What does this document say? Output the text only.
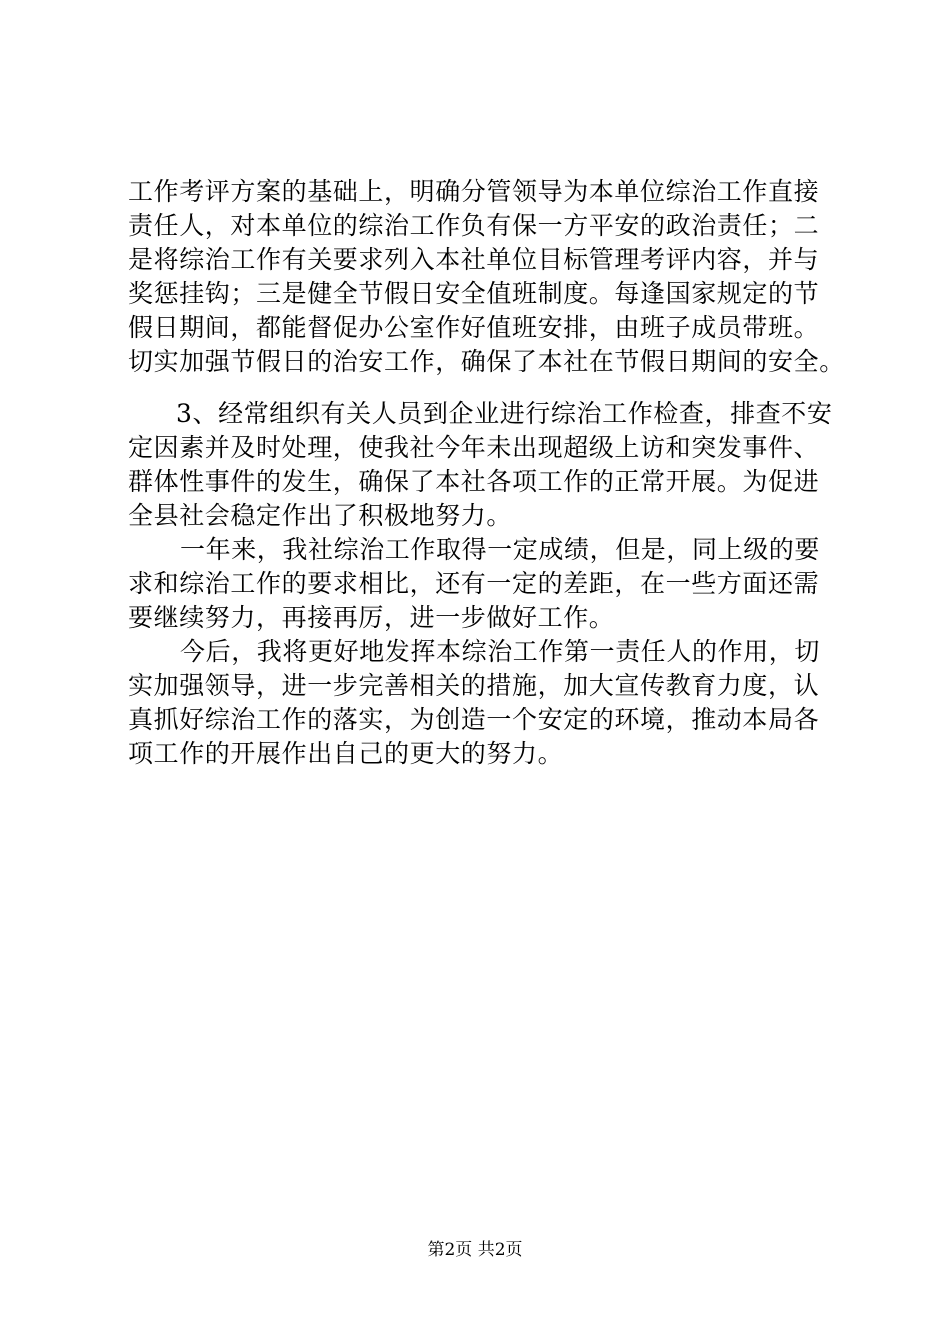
工作考评方案的基础上，明确分管领导为本单位综治工作直接
责任人，对本单位的综治工作负有保一方平安的政治责任；二
是将综治工作有关要求列入本社单位目标管理考评内容，并与
奖惩挂钩；三是健全节假日安全值班制度。每逢国家规定的节
假日期间，都能督促办公室作好值班安排，由班子成员带班。
切实加强节假日的治安工作，确保了本社在节假日期间的安全。
3、经常组织有关人员到企业进行综治工作检查，排查不安
定因素并及时处理，使我社今年未出现超级上访和突发事件、
群体性事件的发生，确保了本社各项工作的正常开展。为促进
全县社会稳定作出了积极地努力。
一年来，我社综治工作取得一定成绩，但是，同上级的要
求和综治工作的要求相比，还有一定的差距，在一些方面还需
要继续努力，再接再厉，进一步做好工作。
今后，我将更好地发挥本综治工作第一责任人的作用，切
实加强领导，进一步完善相关的措施，加大宣传教育力度，认
真抓好综治工作的落实，为创造一个安定的环境，推动本局各
项工作的开展作出自己的更大的努力。
第2页 共2页
